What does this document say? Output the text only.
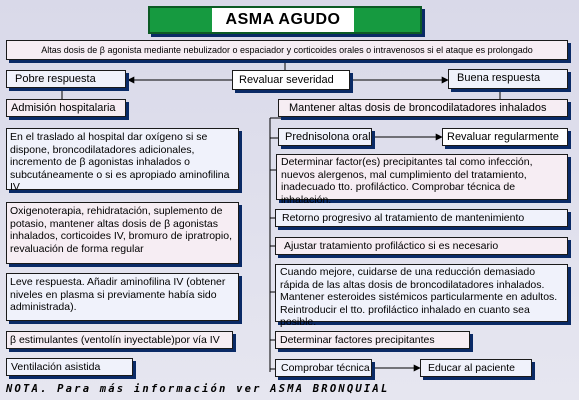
ASMA AGUDO
Altas dosis de β agonista mediante nebulizador o espaciador y corticoides orales o intravenosos si el ataque es prolongado
Revaluar severidad
Pobre respuesta
Admisión hospitalaria
En el traslado al hospital dar oxígeno si se dispone, broncodilatadores adicionales, incremento de β agonistas inhalados o subcutáneamente o si es apropiado aminofilina IV
Oxigenoterapia, rehidratación, suplemento de potasio, mantener altas dosis de β agonistas inhalados, corticoides IV, bromuro de ipratropio, revaluación de forma regular
Leve respuesta. Añadir aminofilina IV (obtener niveles en plasma si previamente había sido administrada).
β estimulantes (ventolín inyectable)por vía IV
Ventilación asistida
Buena respuesta
Mantener altas dosis de broncodilatadores inhalados
Prednisolona oral	Revaluar regularmente
Determinar factor(es) precipitantes tal como infección, nuevos alergenos, mal cumplimiento del tratamiento, inadecuado tto. profiláctico. Comprobar técnica de inhalación.
Retorno progresivo al tratamiento de mantenimiento
Ajustar tratamiento profiláctico si es necesario
Cuando mejore, cuidarse de una reducción demasiado rápida de las altas dosis de broncodilatadores inhalados. Mantener esteroides sistémicos particularmente en adultos. Reintroducir el tto. profiláctico inhalado en cuanto sea posible.
Determinar factores precipitantes
Comprobar técnica	Educar al paciente
NOTA. Para más información ver ASMA BRONQUIAL
